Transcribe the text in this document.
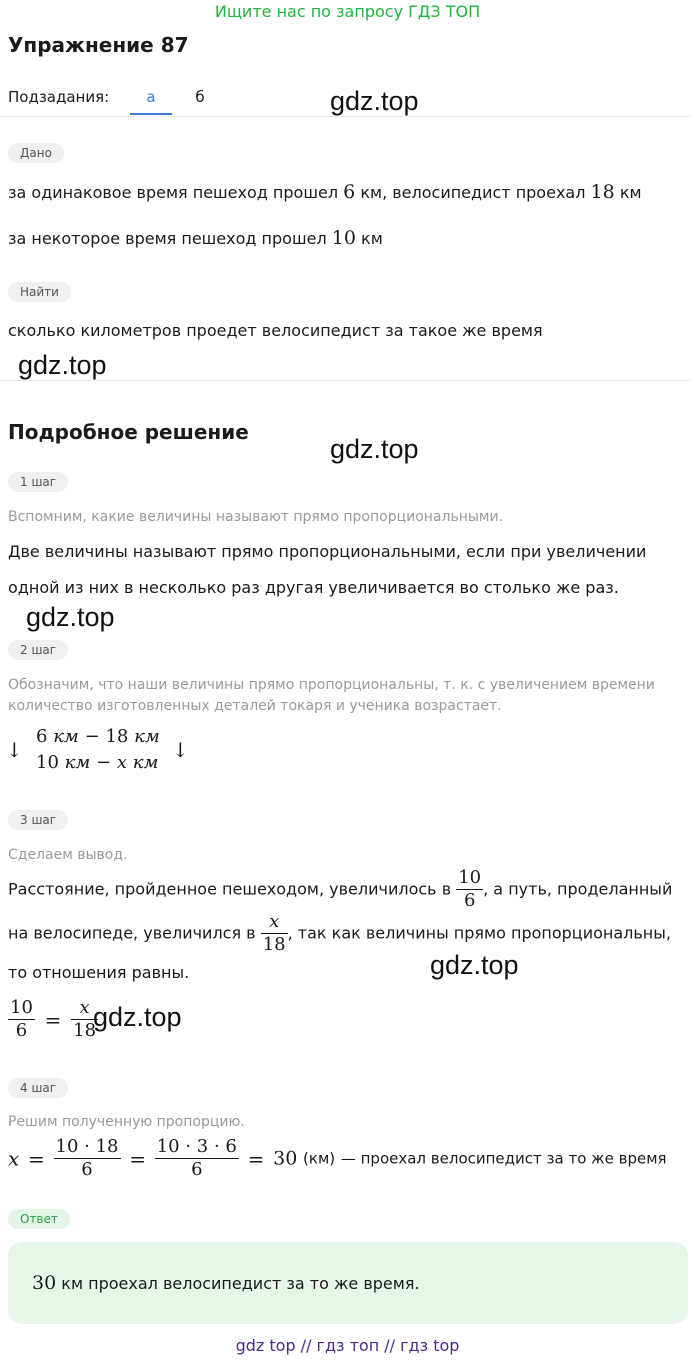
Ищите нас по запросу ГДЗ ТОП
Упражнение 87
Подзадания:	а	б	gdz.top
Дано
за одинаковое время пешеход прошел 6 км, велосипедист проехал 18 км
за некоторое время пешеход прошел 10 км
Найти
сколько километров проедет велосипедист за такое же время
gdz.top
Подробное решение
gdz.top
1 шаг
Вспомним, какие величины называют прямо пропорциональными.
Две величины называют прямо пропорциональными, если при увеличении
одной из них в несколько раз другая увеличивается во столько же раз.
gdz.top
2 шаг
Обозначим, что наши величины прямо пропорциональны, т. к. с увеличением времени
количество изготовленных деталей токаря и ученика возрастает.
↓
6 км − 18 км
10 км − x км
↓
3 шаг
Сделаем вывод.
Расстояние, пройденное пешеходом, увеличилось в $\frac{10}{6}$ , а путь, проделанный
на велосипеде, увеличился в $\frac{x}{18}$ , так как величины прямо пропорциональны,
то отношения равны.	gdz.top
$\frac{10}{6} = \frac{x}{18}$
gdz.top
4 шаг
Решим полученную пропорцию.
$x = \frac{10 \cdot 18}{6} = \frac{10 \cdot 3 \cdot 6}{6} = 30$ (км) — проехал велосипедист за то же время
Ответ
30 км проехал велосипедист за то же время.
gdz top // гдз топ // гдз top
